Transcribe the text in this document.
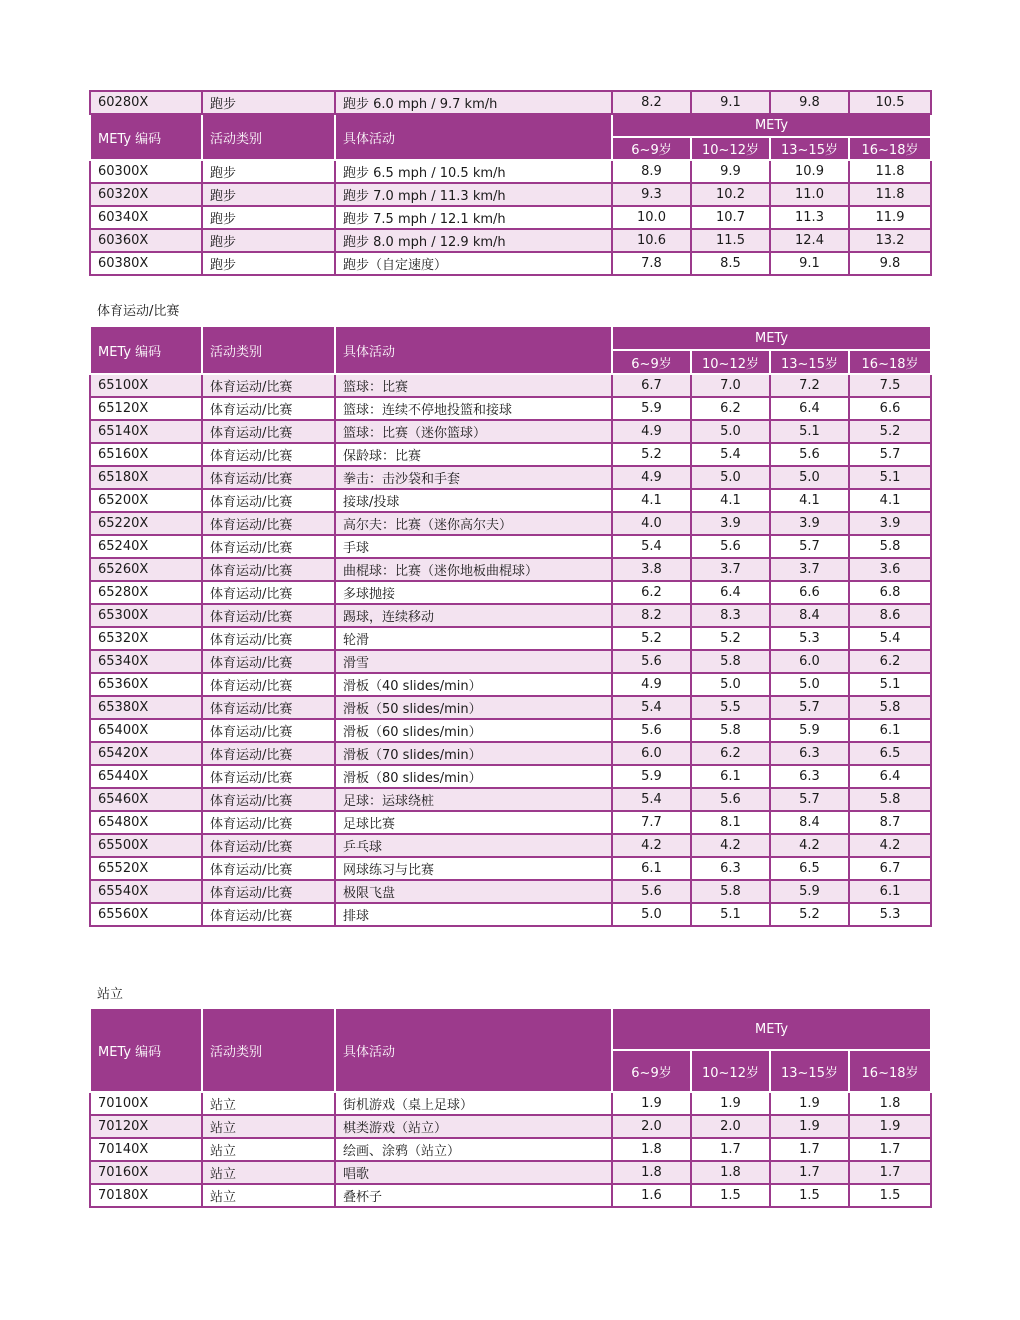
60280X	跑步	跑步 6.0 mph / 9.7 km/h	8.2	9.1	9.8	10.5
METy 编码	活动类别	具体活动	METy			
			6~9岁	10~12岁	13~15岁	16~18岁
60300X	跑步	跑步 6.5 mph / 10.5 km/h	8.9	9.9	10.9	11.8
60320X	跑步	跑步 7.0 mph / 11.3 km/h	9.3	10.2	11.0	11.8
60340X	跑步	跑步 7.5 mph / 12.1 km/h	10.0	10.7	11.3	11.9
60360X	跑步	跑步 8.0 mph / 12.9 km/h	10.6	11.5	12.4	13.2
60380X	跑步	跑步（自定速度）	7.8	8.5	9.1	9.8
体育运动/比赛
METy 编码	活动类别	具体活动	METy			
			6~9岁	10~12岁	13~15岁	16~18岁
65100X	体育运动/比赛	篮球：比赛	6.7	7.0	7.2	7.5
65120X	体育运动/比赛	篮球：连续不停地投篮和接球	5.9	6.2	6.4	6.6
65140X	体育运动/比赛	篮球：比赛（迷你篮球）	4.9	5.0	5.1	5.2
65160X	体育运动/比赛	保龄球：比赛	5.2	5.4	5.6	5.7
65180X	体育运动/比赛	拳击：击沙袋和手套	4.9	5.0	5.0	5.1
65200X	体育运动/比赛	接球/投球	4.1	4.1	4.1	4.1
65220X	体育运动/比赛	高尔夫：比赛（迷你高尔夫）	4.0	3.9	3.9	3.9
65240X	体育运动/比赛	手球	5.4	5.6	5.7	5.8
65260X	体育运动/比赛	曲棍球：比赛（迷你地板曲棍球）	3.8	3.7	3.7	3.6
65280X	体育运动/比赛	多球抛接	6.2	6.4	6.6	6.8
65300X	体育运动/比赛	踢球，连续移动	8.2	8.3	8.4	8.6
65320X	体育运动/比赛	轮滑	5.2	5.2	5.3	5.4
65340X	体育运动/比赛	滑雪	5.6	5.8	6.0	6.2
65360X	体育运动/比赛	滑板（40 slides/min）	4.9	5.0	5.0	5.1
65380X	体育运动/比赛	滑板（50 slides/min）	5.4	5.5	5.7	5.8
65400X	体育运动/比赛	滑板（60 slides/min）	5.6	5.8	5.9	6.1
65420X	体育运动/比赛	滑板（70 slides/min）	6.0	6.2	6.3	6.5
65440X	体育运动/比赛	滑板（80 slides/min）	5.9	6.1	6.3	6.4
65460X	体育运动/比赛	足球：运球绕桩	5.4	5.6	5.7	5.8
65480X	体育运动/比赛	足球比赛	7.7	8.1	8.4	8.7
65500X	体育运动/比赛	乒乓球	4.2	4.2	4.2	4.2
65520X	体育运动/比赛	网球练习与比赛	6.1	6.3	6.5	6.7
65540X	体育运动/比赛	极限飞盘	5.6	5.8	5.9	6.1
65560X	体育运动/比赛	排球	5.0	5.1	5.2	5.3
站立
METy 编码	活动类别	具体活动	METy			
			6~9岁	10~12岁	13~15岁	16~18岁
70100X	站立	街机游戏（桌上足球）	1.9	1.9	1.9	1.8
70120X	站立	棋类游戏（站立）	2.0	2.0	1.9	1.9
70140X	站立	绘画、涂鸦（站立）	1.8	1.7	1.7	1.7
70160X	站立	唱歌	1.8	1.8	1.7	1.7
70180X	站立	叠杯子	1.6	1.5	1.5	1.5
